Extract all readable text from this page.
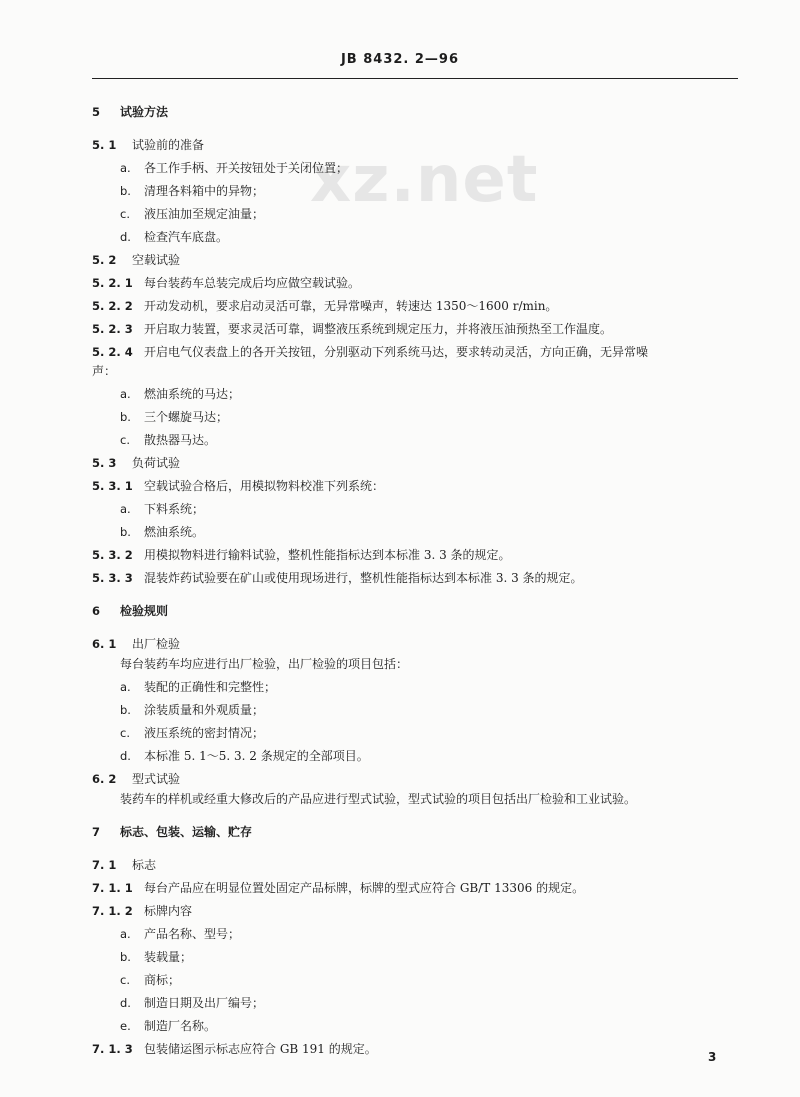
JB 8432. 2—96
xz.net
5 试验方法
5. 1 试验前的准备
a. 各工作手柄、开关按钮处于关闭位置；
b. 清理各料箱中的异物；
c. 液压油加至规定油量；
d. 检查汽车底盘。
5. 2 空载试验
5. 2. 1 每台装药车总装完成后均应做空载试验。
5. 2. 2 开动发动机，要求启动灵活可靠，无异常噪声，转速达 1350～1600 r/min。
5. 2. 3 开启取力装置，要求灵活可靠，调整液压系统到规定压力，并将液压油预热至工作温度。
5. 2. 4 开启电气仪表盘上的各开关按钮，分别驱动下列系统马达，要求转动灵活，方向正确，无异常噪
声：
a. 燃油系统的马达；
b. 三个螺旋马达；
c. 散热器马达。
5. 3 负荷试验
5. 3. 1 空载试验合格后，用模拟物料校准下列系统：
a. 下料系统；
b. 燃油系统。
5. 3. 2 用模拟物料进行输料试验，整机性能指标达到本标准 3. 3 条的规定。
5. 3. 3 混装炸药试验要在矿山或使用现场进行，整机性能指标达到本标准 3. 3 条的规定。
6 检验规则
6. 1 出厂检验
每台装药车均应进行出厂检验，出厂检验的项目包括：
a. 装配的正确性和完整性；
b. 涂装质量和外观质量；
c. 液压系统的密封情况；
d. 本标准 5. 1～5. 3. 2 条规定的全部项目。
6. 2 型式试验
装药车的样机或经重大修改后的产品应进行型式试验，型式试验的项目包括出厂检验和工业试验。
7 标志、包装、运输、贮存
7. 1 标志
7. 1. 1 每台产品应在明显位置处固定产品标牌，标牌的型式应符合 GB/T 13306 的规定。
7. 1. 2 标牌内容
a. 产品名称、型号；
b. 装载量；
c. 商标；
d. 制造日期及出厂编号；
e. 制造厂名称。
7. 1. 3 包装储运图示标志应符合 GB 191 的规定。
3
